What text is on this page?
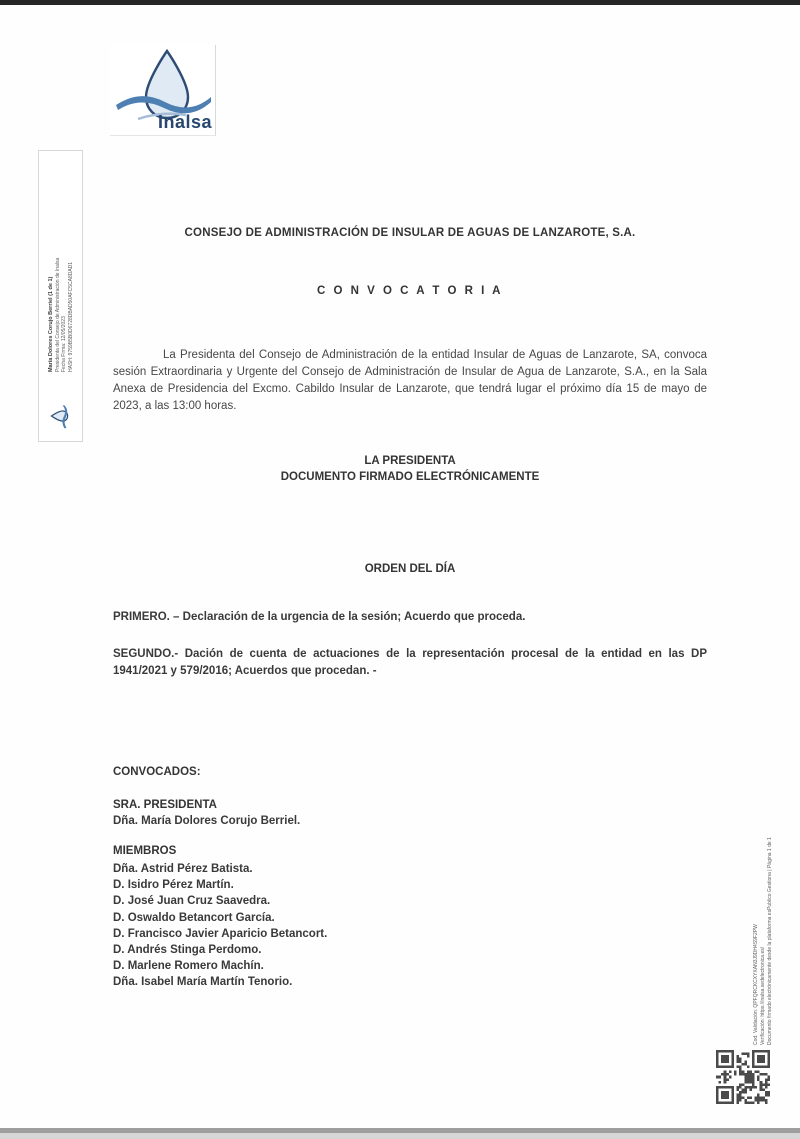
Inalsa
María Dolores Corujo Berriel (1 de 1) Presidenta del Consejo de Administración de Inalsa Fecha Firma: 12/05/2023 HASH: 9759B5B0D6728DBAD50AFC5CA8DAD1
CONSEJO DE ADMINISTRACIÓN DE INSULAR DE AGUAS DE LANZAROTE, S.A.
C O N V O C A T O R I A
La Presidenta del Consejo de Administración de la entidad Insular de Aguas de Lanzarote, SA, convoca sesión Extraordinaria y Urgente del Consejo de Administración de Insular de Agua de Lanzarote, S.A., en la Sala Anexa de Presidencia del Excmo. Cabildo Insular de Lanzarote, que tendrá lugar el próximo día 15 de mayo de 2023, a las 13:00 horas.
LA PRESIDENTA
DOCUMENTO FIRMADO ELECTRÓNICAMENTE
ORDEN DEL DÍA
PRIMERO. – Declaración de la urgencia de la sesión; Acuerdo que proceda.
SEGUNDO.- Dación de cuenta de actuaciones de la representación procesal de la entidad en las DP 1941/2021 y 579/2016; Acuerdos que procedan. -
CONVOCADOS:
SRA. PRESIDENTA
Dña. María Dolores Corujo Berriel.
MIEMBROS
Dña. Astrid Pérez Batista.
D. Isidro Pérez Martín.
D. José Juan Cruz Saavedra.
D. Oswaldo Betancort García.
D. Francisco Javier Aparicio Betancort.
D. Andrés Stinga Perdomo.
D. Marlene Romero Machín.
Dña. Isabel María Martín Tenorio.	Cod. Validación: QPFQRCKCXYXAN3J9DH4S9F2PW Verificación: https://inalsa.sedelectronica.es/ Documento firmado electrónicamente desde la plataforma esPublico Gestiona | Página 1 de 1
